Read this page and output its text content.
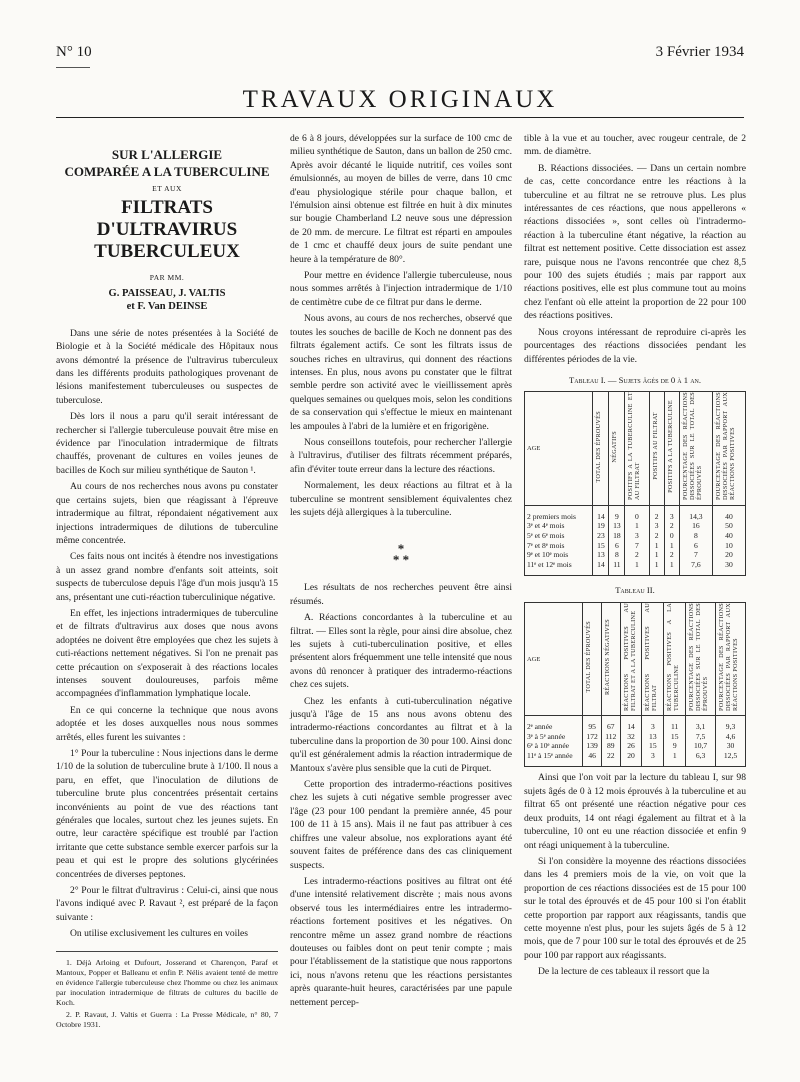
N° 10	3 Février 1934
TRAVAUX ORIGINAUX
SUR L'ALLERGIE
COMPARÉE A LA TUBERCULINE
ET AUX
FILTRATS D'ULTRAVIRUS
TUBERCULEUX
PAR MM.
G. PAISSEAU, J. VALTIS
et F. Van DEINSE

Dans une série de notes présentées à la Société de Biologie et à la Société médicale des Hôpitaux nous avons démontré la présence de l'ultravirus tuberculeux dans les différents produits pathologiques provenant de lésions manifestement tuberculeuses ou suspectes de tuberculose.

Dès lors il nous a paru qu'il serait intéressant de rechercher si l'allergie tuberculeuse pouvait être mise en évidence par l'inoculation intradermique de filtrats chauffés, provenant de cultures en voiles jeunes de bacilles de Koch sur milieu synthétique de Sauton ¹.

Au cours de nos recherches nous avons pu constater que certains sujets, bien que réagissant à l'épreuve intradermique au filtrat, répondaient négativement aux injections intradermiques de dilutions de tuberculine même concentrée.

Ces faits nous ont incités à étendre nos investigations à un assez grand nombre d'enfants soit atteints, soit suspects de tuberculose depuis l'âge d'un mois jusqu'à 15 ans, présentant une cuti-réaction tuberculinique négative.

En effet, les injections intradermiques de tuberculine et de filtrats d'ultravirus aux doses que nous avons adoptées ne doivent être employées que chez les sujets à cuti-réactions nettement négatives. Si l'on ne prenait pas cette précaution on s'exposerait à des réactions locales intenses souvent douloureuses, parfois même accompagnées d'inflammation lymphatique locale.

En ce qui concerne la technique que nous avons adoptée et les doses auxquelles nous nous sommes arrêtés, elles furent les suivantes :

1° Pour la tuberculine : Nous injections dans le derme 1/10 de la solution de tuberculine brute à 1/100. Il nous a paru, en effet, que l'inoculation de dilutions de tuberculine brute plus concentrées présentait certains inconvénients au point de vue des réactions tant générales que locales, surtout chez les jeunes sujets. En outre, leur caractère spécifique est troublé par l'action irritante que cette substance semble exercer parfois sur la peau et qui est le propre des solutions glycérinées concentrées de diverses peptones.

2° Pour le filtrat d'ultravirus : Celui-ci, ainsi que nous l'avons indiqué avec P. Ravaut ², est préparé de la façon suivante :

On utilise exclusivement les cultures en voiles

1. Déjà Arloing et Dufourt, Josserand et Charençon, Paraf et Mantoux, Popper et Balleanu et enfin P. Nélis avaient tenté de mettre en évidence l'allergie tuberculeuse chez l'homme ou chez les animaux par inoculation intradermique de filtrats de cultures du bacille de Koch.

2. P. Ravaut, J. Valtis et Guerra : La Presse Médicale, n° 80, 7 Octobre 1931.

de 6 à 8 jours, développées sur la surface de 100 cmc de milieu synthétique de Sauton, dans un ballon de 250 cmc. Après avoir décanté le liquide nutritif, ces voiles sont émulsionnés, au moyen de billes de verre, dans 10 cmc d'eau physiologique stérile pour chaque ballon, et l'émulsion ainsi obtenue est filtrée en huit à dix minutes sur bougie Chamberland L2 neuve sous une dépression de 20 mm. de mercure. Le filtrat est réparti en ampoules de 1 cmc et chauffé deux jours de suite pendant une heure à la température de 80°.

Pour mettre en évidence l'allergie tuberculeuse, nous nous sommes arrêtés à l'injection intradermique de 1/10 de centimètre cube de ce filtrat pur dans le derme.

Nous avons, au cours de nos recherches, observé que toutes les souches de bacille de Koch ne donnent pas des filtrats également actifs. Ce sont les filtrats issus de souches riches en ultravirus, qui donnent des réactions intenses. En plus, nous avons pu constater que le filtrat semble perdre son activité avec le vieillissement après quelques semaines ou quelques mois, selon les conditions de sa conservation qui s'effectue le mieux en maintenant les ampoules à l'abri de la lumière et en frigorigène.

Nous conseillons toutefois, pour rechercher l'allergie à l'ultravirus, d'utiliser des filtrats récemment préparés, afin d'éviter toute erreur dans la lecture des réactions.

Normalement, les deux réactions au filtrat et à la tuberculine se montrent sensiblement équivalentes chez les sujets déjà allergiques à la tuberculine.

*
* *

Les résultats de nos recherches peuvent être ainsi résumés.

A. Réactions concordantes à la tuberculine et au filtrat. — Elles sont la règle, pour ainsi dire absolue, chez les sujets à cuti-tuberculination positive, et elles présentent alors fréquemment une telle intensité que nous avons dû renoncer à pratiquer des intradermo-réactions chez ces sujets.

Chez les enfants à cuti-tuberculination négative jusqu'à l'âge de 15 ans nous avons obtenu des intradermo-réactions concordantes au filtrat et à la tuberculine dans la proportion de 30 pour 100. Ainsi donc qu'il est généralement admis la réaction intradermique de Mantoux s'avère plus sensible que la cuti de Pirquet.

Cette proportion des intradermo-réactions positives chez les sujets à cuti négative semble progresser avec l'âge (23 pour 100 pendant la première année, 45 pour 100 de 11 à 15 ans). Mais il ne faut pas attribuer à ces chiffres une valeur absolue, nos explorations ayant été souvent faites de préférence dans des cas cliniquement suspects.

Les intradermo-réactions positives au filtrat ont été d'une intensité relativement discrète ; mais nous avons observé tous les intermédiaires entre les intradermo-réactions fortement positives et les négatives. On rencontre même un assez grand nombre de réactions douteuses ou faibles dont on peut tenir compte ; mais pour l'établissement de la statistique que nous rapportons ici, nous n'avons retenu que les réactions persistantes après quarante-huit heures, caractérisées par une papule nettement percep-

tible à la vue et au toucher, avec rougeur centrale, de 2 mm. de diamètre.

B. Réactions dissociées. — Dans un certain nombre de cas, cette concordance entre les réactions à la tuberculine et au filtrat ne se retrouve plus. Les plus intéressantes de ces réactions, que nous appellerons « réactions dissociées », sont celles où l'intradermo-réaction à la tuberculine étant négative, la réaction au filtrat est nettement positive. Cette dissociation est assez rare, puisque nous ne l'avons rencontrée que chez 8,5 pour 100 des sujets étudiés ; mais par rapport aux réactions positives, elle est plus commune tout au moins chez l'enfant où elle atteint la proportion de 22 pour 100 des réactions positives.

Nous croyons intéressant de reproduire ci-après les pourcentages des réactions dissociées pendant les différentes périodes de la vie.

Tableau I. — Sujets âgés de 0 à 1 an.
AGE	TOTAL DES ÉPROUVÉS	NÉGATIFS	POSITIFS A LA TUBERCULINE ET AU FILTRAT	POSITIFS AU FILTRAT	POSITIFS A LA TUBERCULINE	POURCENTAGE DES RÉACTIONS DISSOCIÉES SUR LE TOTAL DES ÉPROUVÉS	POURCENTAGE DES RÉACTIONS DISSOCIÉES PAR RAPPORT AUX RÉACTIONS POSITIVES
2 premiers mois	14	9	0	2	3	14,3	40
3ᵉ et 4ᵉ mois	19	13	1	3	2	16	50
5ᵉ et 6ᵉ mois	23	18	3	2	0	8	40
7ᵉ et 8ᵉ mois	15	6	7	1	1	6	10
9ᵉ et 10ᵉ mois	13	8	2	1	2	7	20
11ᵉ et 12ᵉ mois	14	11	1	1	1	7,6	30
Tableau II.
AGE	TOTAL DES ÉPROUVÉS	RÉACTIONS NÉGATIVES	RÉACTIONS POSITIVES AU FILTRAT ET A LA TUBERCULINE	RÉACTIONS POSITIVES AU FILTRAT	RÉACTIONS POSITIVES A LA TUBERCULINE	POURCENTAGE DES RÉACTIONS DISSOCIÉES SUR LE TOTAL DES ÉPROUVÉS	POURCENTAGE DES RÉACTIONS DISSOCIÉES PAR RAPPORT AUX RÉACTIONS POSITIVES
2ᵉ année	95	67	14	3	11	3,1	9,3
3ᵉ à 5ᵉ année	172	112	32	13	15	7,5	4,6
6ᵉ à 10ᵉ année	139	89	26	15	9	10,7	30
11ᵉ à 15ᵉ année	46	22	20	3	1	6,3	12,5

Ainsi que l'on voit par la lecture du tableau I, sur 98 sujets âgés de 0 à 12 mois éprouvés à la tuberculine et au filtrat 65 ont présenté une réaction négative pour ces deux produits, 14 ont réagi également au filtrat et à la tuberculine, 10 ont eu une réaction dissociée et enfin 9 ont réagi uniquement à la tuberculine.

Si l'on considère la moyenne des réactions dissociées dans les 4 premiers mois de la vie, on voit que la proportion de ces réactions dissociées est de 15 pour 100 sur le total des éprouvés et de 45 pour 100 si l'on établit cette proportion par rapport aux réagissants, tandis que cette moyenne n'est plus, pour les sujets âgés de 5 à 12 mois, que de 7 pour 100 sur le total des éprouvés et de 25 pour 100 par rapport aux réagissants.

De la lecture de ces tableaux il ressort que la
